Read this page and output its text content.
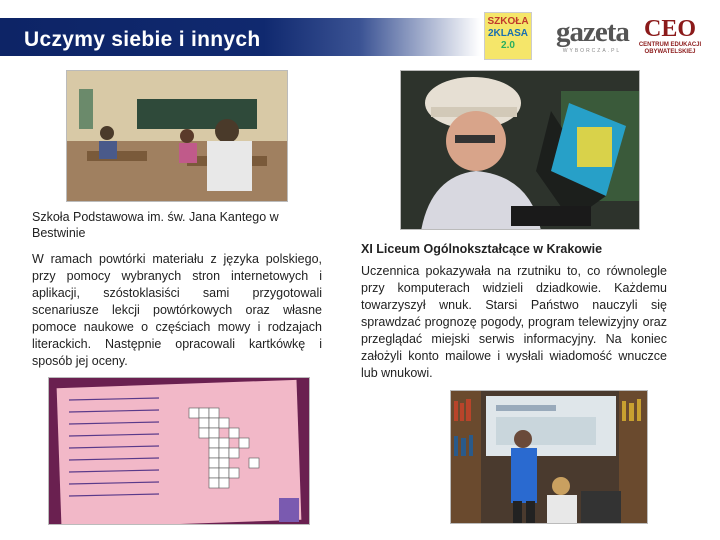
Uczymy siebie i innych
SZKOŁA
2KLASA
2.0	gazeta
WYBORCZA.PL
CEO
CENTRUM EDUKACJI
OBYWATELSKIEJ
Szkoła Podstawowa im. św. Jana Kantego w Bestwinie
W ramach powtórki materiału z języka polskiego, przy pomocy wybranych stron internetowych i aplikacji, szóstoklasiści sami przygotowali scenariusze lekcji powtórkowych oraz własne pomoce naukowe o częściach mowy i rodzajach literackich. Następnie opracowali kartkówkę i sposób jej oceny.
XI Liceum Ogólnokształcące w Krakowie
Uczennica pokazywała na rzutniku to, co równolegle przy komputerach widzieli dziadkowie. Każdemu towarzyszył wnuk. Starsi Państwo nauczyli się sprawdzać prognozę pogody, program telewizyjny oraz przeglądać miejski serwis informacyjny. Na koniec założyli konto mailowe i wysłali wiadomość wnuczce lub wnukowi.
